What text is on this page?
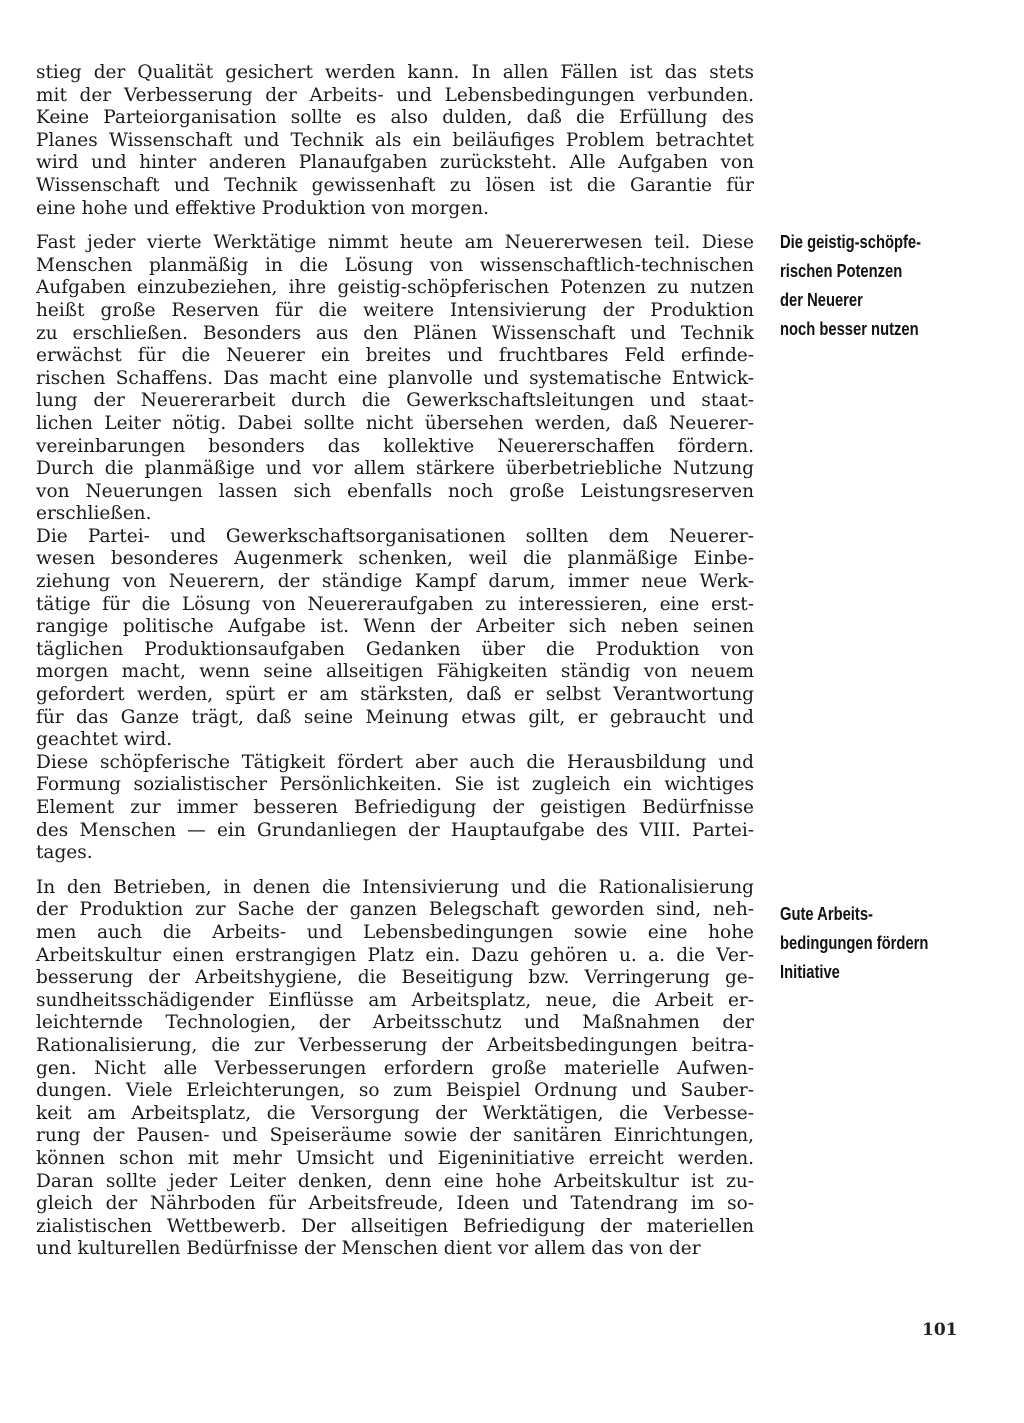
stieg der Qualität gesichert werden kann. In allen Fällen ist das stets
mit der Verbesserung der Arbeits- und Lebensbedingungen verbunden.
Keine Parteiorganisation sollte es also dulden, daß die Erfüllung des
Planes Wissenschaft und Technik als ein beiläufiges Problem betrachtet
wird und hinter anderen Planaufgaben zurücksteht. Alle Aufgaben von
Wissenschaft und Technik gewissenhaft zu lösen ist die Garantie für
eine hohe und effektive Produktion von morgen.
Fast jeder vierte Werktätige nimmt heute am Neuererwesen teil. Diese
Menschen planmäßig in die Lösung von wissenschaftlich-technischen
Aufgaben einzubeziehen, ihre geistig-schöpferischen Potenzen zu nutzen
heißt große Reserven für die weitere Intensivierung der Produktion
zu erschließen. Besonders aus den Plänen Wissenschaft und Technik
erwächst für die Neuerer ein breites und fruchtbares Feld erfinde-
rischen Schaffens. Das macht eine planvolle und systematische Entwick-
lung der Neuererarbeit durch die Gewerkschaftsleitungen und staat-
lichen Leiter nötig. Dabei sollte nicht übersehen werden, daß Neuerer-
vereinbarungen besonders das kollektive Neuererschaffen fördern.
Durch die planmäßige und vor allem stärkere überbetriebliche Nutzung
von Neuerungen lassen sich ebenfalls noch große Leistungsreserven
erschließen.
Die Partei- und Gewerkschaftsorganisationen sollten dem Neuerer-
wesen besonderes Augenmerk schenken, weil die planmäßige Einbe-
ziehung von Neuerern, der ständige Kampf darum, immer neue Werk-
tätige für die Lösung von Neuereraufgaben zu interessieren, eine erst-
rangige politische Aufgabe ist. Wenn der Arbeiter sich neben seinen
täglichen Produktionsaufgaben Gedanken über die Produktion von
morgen macht, wenn seine allseitigen Fähigkeiten ständig von neuem
gefordert werden, spürt er am stärksten, daß er selbst Verantwortung
für das Ganze trägt, daß seine Meinung etwas gilt, er gebraucht und
geachtet wird.
Diese schöpferische Tätigkeit fördert aber auch die Herausbildung und
Formung sozialistischer Persönlichkeiten. Sie ist zugleich ein wichtiges
Element zur immer besseren Befriedigung der geistigen Bedürfnisse
des Menschen — ein Grundanliegen der Hauptaufgabe des VIII. Partei-
tages.
In den Betrieben, in denen die Intensivierung und die Rationalisierung
der Produktion zur Sache der ganzen Belegschaft geworden sind, neh-
men auch die Arbeits- und Lebensbedingungen sowie eine hohe
Arbeitskultur einen erstrangigen Platz ein. Dazu gehören u. a. die Ver-
besserung der Arbeitshygiene, die Beseitigung bzw. Verringerung ge-
sundheitsschädigender Einflüsse am Arbeitsplatz, neue, die Arbeit er-
leichternde Technologien, der Arbeitsschutz und Maßnahmen der
Rationalisierung, die zur Verbesserung der Arbeitsbedingungen beitra-
gen. Nicht alle Verbesserungen erfordern große materielle Aufwen-
dungen. Viele Erleichterungen, so zum Beispiel Ordnung und Sauber-
keit am Arbeitsplatz, die Versorgung der Werktätigen, die Verbesse-
rung der Pausen- und Speiseräume sowie der sanitären Einrichtungen,
können schon mit mehr Umsicht und Eigeninitiative erreicht werden.
Daran sollte jeder Leiter denken, denn eine hohe Arbeitskultur ist zu-
gleich der Nährboden für Arbeitsfreude, Ideen und Tatendrang im so-
zialistischen Wettbewerb. Der allseitigen Befriedigung der materiellen
und kulturellen Bedürfnisse der Menschen dient vor allem das von der
Die geistig-schöpfe-
rischen Potenzen
der Neuerer
noch besser nutzen
Gute Arbeits-
bedingungen fördern
Initiative
101
